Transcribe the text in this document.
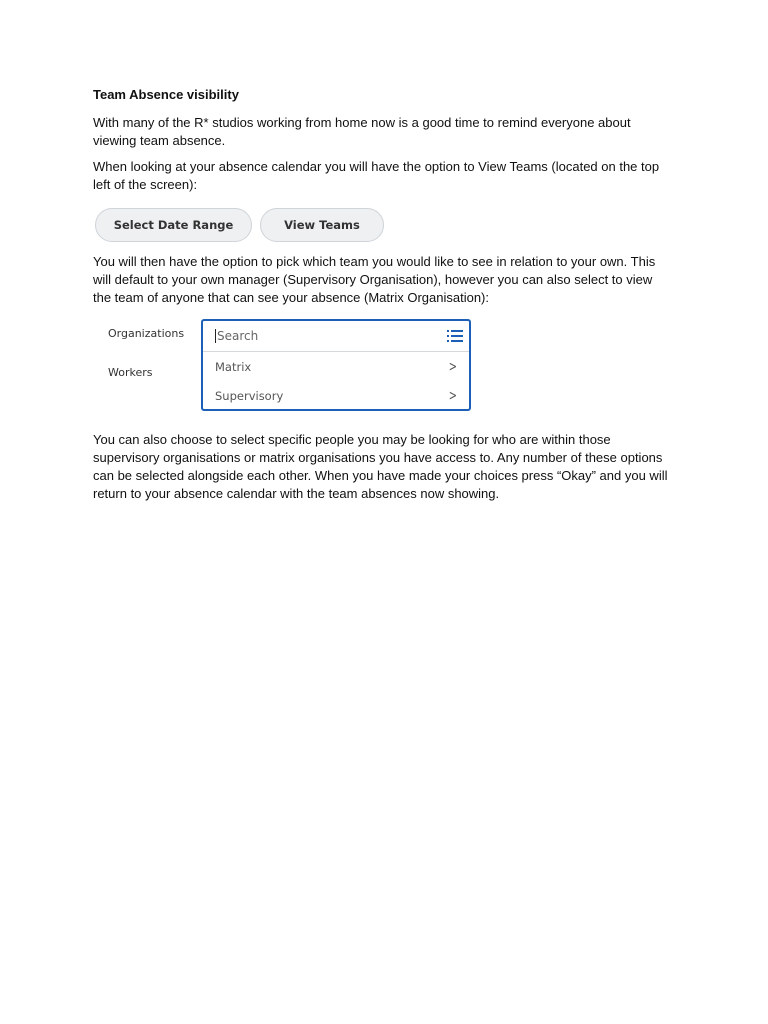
Team Absence visibility

With many of the R* studios working from home now is a good time to remind everyone about viewing team absence.

When looking at your absence calendar you will have the option to View Teams (located on the top left of the screen):

Select Date Range	View Teams

You will then have the option to pick which team you would like to see in relation to your own. This will default to your own manager (Supervisory Organisation), however you can also select to view the team of anyone that can see your absence (Matrix Organisation):

Organizations
Workers
Search
Matrix	>
Supervisory	>

You can also choose to select specific people you may be looking for who are within those supervisory organisations or matrix organisations you have access to. Any number of these options can be selected alongside each other. When you have made your choices press “Okay” and you will return to your absence calendar with the team absences now showing.
